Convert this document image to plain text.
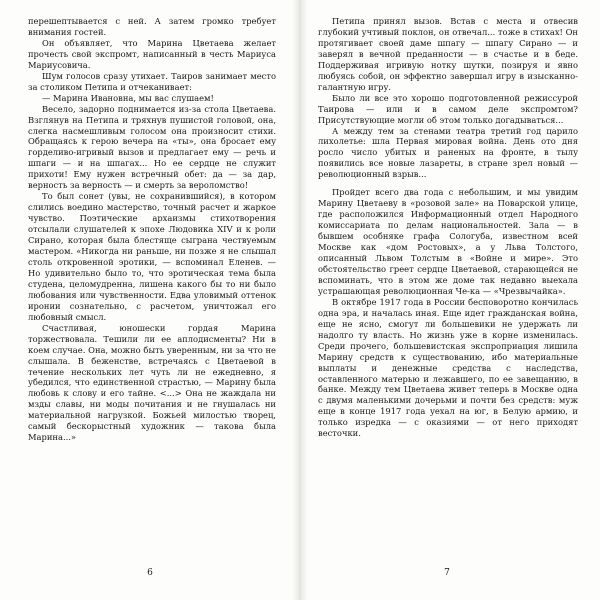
перешептывается с ней. А затем громко требует внимания гостей.

Он объявляет, что Марина Цветаева желает прочесть свой экспромт, написанный в честь Мариуса Мариусовича.

Шум голосов сразу утихает. Таиров занимает место за столиком Петипа и отчеканивает:

— Марина Ивановна, мы вас слушаем!

Весело, задорно поднимается из-за стола Цветаева. Взглянув на Петипа и тряхнув пушистой головой, она, слегка насмешливым голосом она произносит стихи. Обращаясь к герою вечера на «ты», она бросает ему горделиво-игривый вызов и предлагает ему — речь и шпаги — и на шпагах... Но ее сердце не служит прихоти! Ему нужен встречный обет: да — за дар, верность за верность — и смерть за вероломство!

То был сонет (увы, не сохранившийся), в котором слились воедино мастерство, точный расчет и жаркое чувство. Поэтические архаизмы стихотворения отсылали слушателей к эпохе Людовика XIV и к роли Сирано, которая была блестяще сыграна чествуемым мастером. «Никогда ни раньше, ни позже я не слышал столь откровенной эротики, — вспоминал Еленев. — Но удивительно было то, что эротическая тема была студена, целомудренна, лишена какого бы то ни было любования или чувственности. Едва уловимый оттенок иронии сознательно, с расчетом, уничтожал его любовный смысл.

Счастливая, юношески гордая Марина торжествовала. Тешили ли ее аплодисменты? Ни в коем случае. Она, можно быть уверенным, ни за что не слышала. В беженстве, встречаясь с Цветаевой в течение нескольких лет чуть ли не ежедневно, я убедился, что единственной страстью, — Марину была любовь к слову и его тайне. <...> Она не жаждала ни мзды славы, ни моды почитания и не гнушалась ни материальной нагрузкой. Божьей милостью творец, самый бескорыстный художник — такова была Марина...»

6

Петипа принял вызов. Встав с места и отвесив глубокий учтивый поклон, он отвечал... тоже в стихах! Он протягивает своей даме шпагу — шпагу Сирано — и заверял в вечной преданности — в счастье и в беде. Поддерживая игривую нотку шутки, позируя и явно любуясь собой, он эффектно завершал игру в изысканно-галантную игру.

Было ли все это хорошо подготовленной режиссурой Таирова — или и в самом деле экспромтом? Присутствующие могли об этом только догадываться...

А между тем за стенами театра третий год царило лихолетье: шла Первая мировая война. День ото дня росло число убитых и раненых на фронте, в тылу появились все новые лазареты, в стране зрел новый — революционный взрыв...

Пройдет всего два года с небольшим, и мы увидим Марину Цветаеву в «розовой зале» на Поварской улице, где расположился Информационный отдел Народного комиссариата по делам национальностей. Зала — в бывшем особняке графа Сологуба, известном всей Москве как «дом Ростовых», а у Льва Толстого, описанный Львом Толстым в «Войне и мире». Это обстоятельство греет сердце Цветаевой, старающейся не вспоминать, что в этом же доме так недавно выехала устрашающая революционная Че-ка — «Чрезвычайка».

В октябре 1917 года в России бесповоротно кончилась одна эра, и началась иная. Еще идет гражданская война, еще не ясно, смогут ли большевики не удержать ли надолго ту власть. Но жизнь уже в корне изменилась. Среди прочего, большевистская экспроприация лишила Марину средств к существованию, ибо материальные выплаты и денежные средства с наследства, оставленного матерью и лежавшего, по ее завещанию, в банке. Между тем Цветаева живет теперь в Москве одна с двумя маленькими дочерьми и почти без средств: муж еще в конце 1917 года уехал на юг, в Белую армию, и только изредка — с оказиями — от него приходят весточки.

7
